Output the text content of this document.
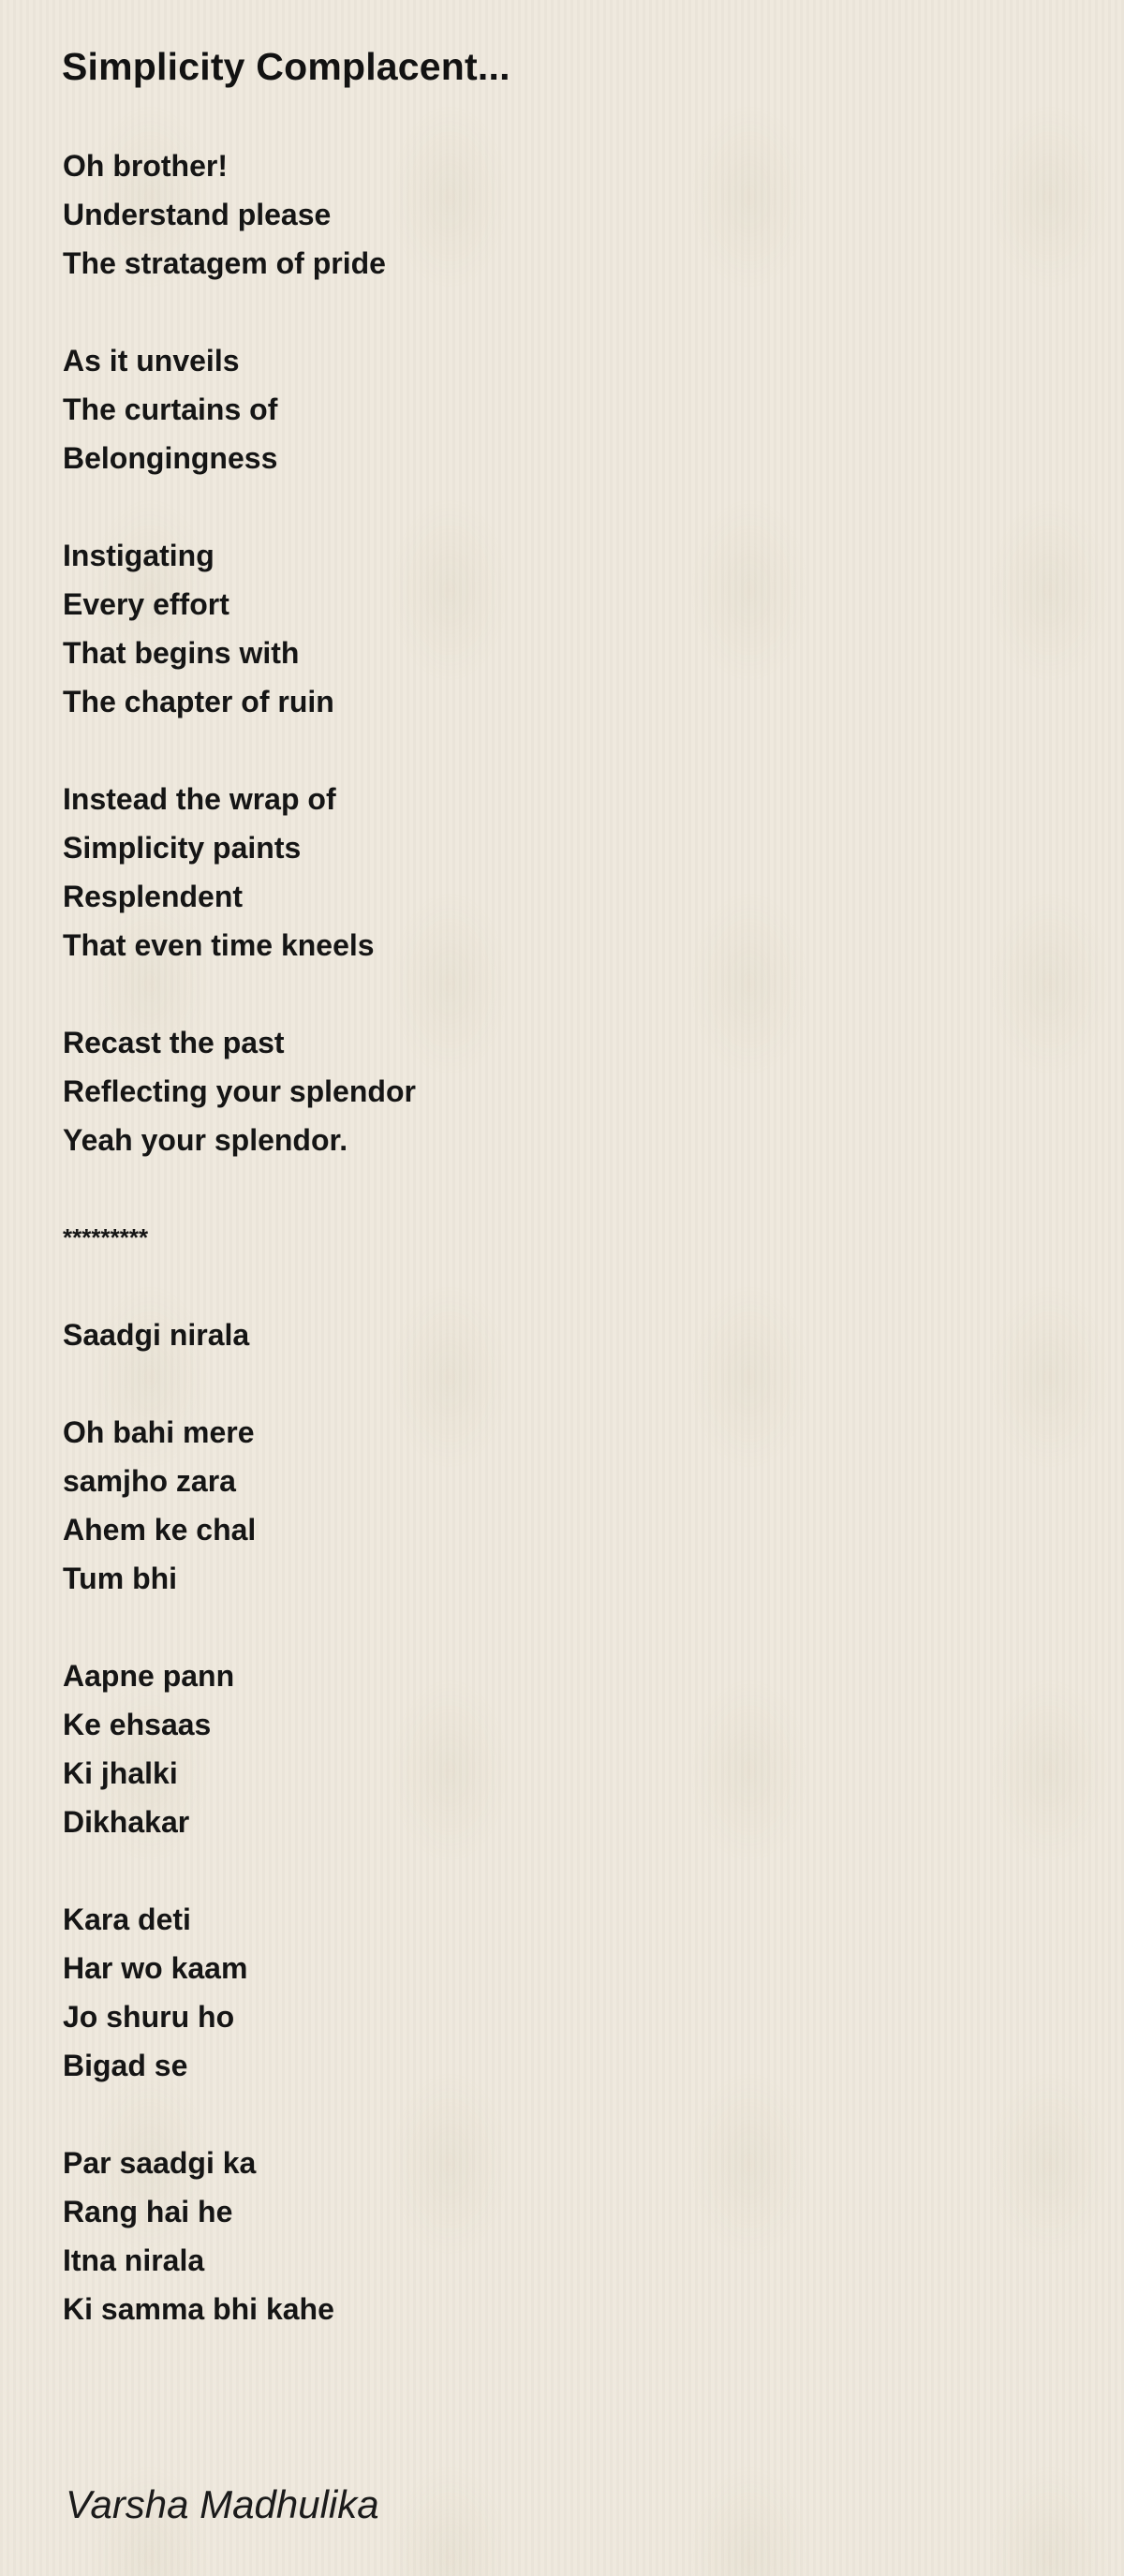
Simplicity Complacent...
Oh brother!
Understand please
The stratagem of pride
As it unveils
The curtains of
Belongingness
Instigating
Every effort
That begins with
The chapter of ruin
Instead the wrap of
Simplicity paints
Resplendent
That even time kneels
Recast the past
Reflecting your splendor
Yeah your splendor.
*********
Saadgi nirala
Oh bahi mere
samjho zara
Ahem ke chal
Tum bhi
Aapne pann
Ke ehsaas
Ki jhalki
Dikhakar
Kara deti
Har wo kaam
Jo shuru ho
Bigad se
Par saadgi ka
Rang hai he
Itna nirala
Ki samma bhi kahe
Varsha Madhulika
